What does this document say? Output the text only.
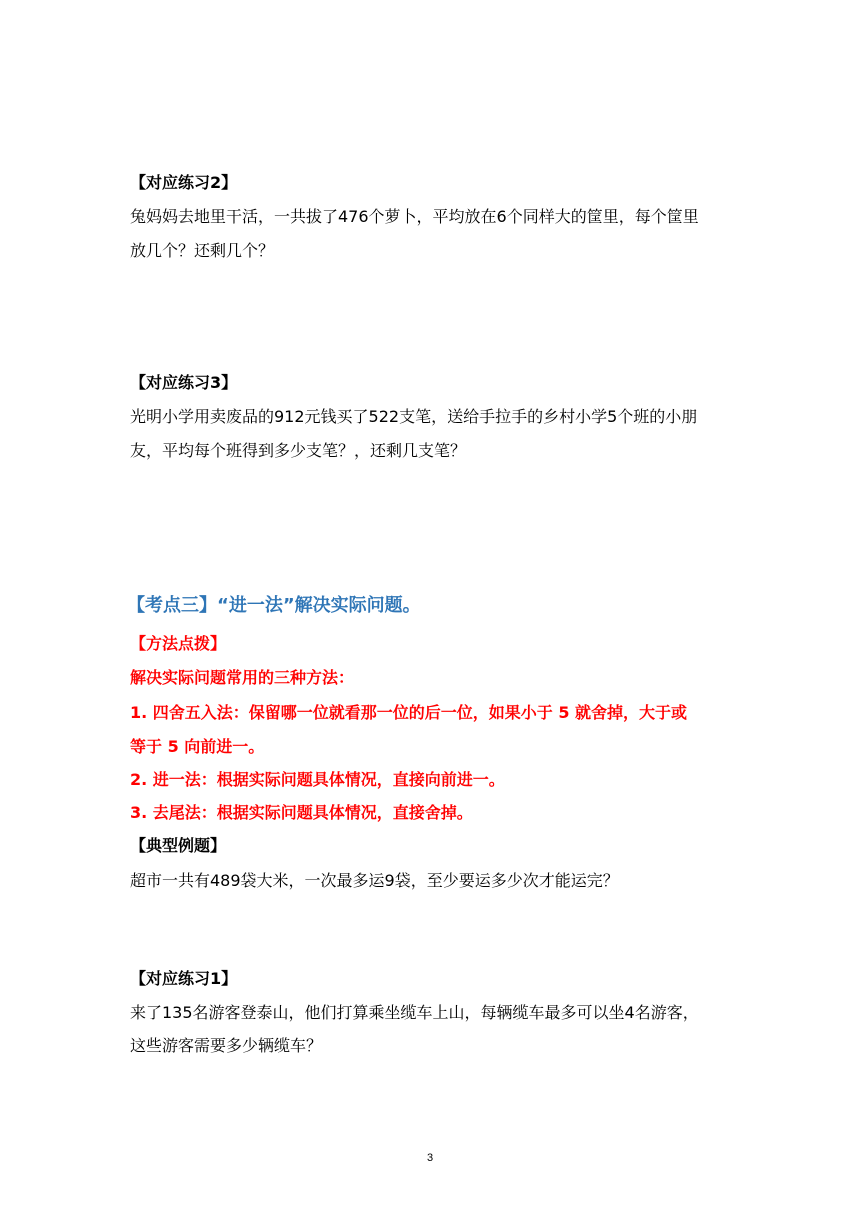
【对应练习2】
兔妈妈去地里干活，一共拔了476个萝卜，平均放在6个同样大的筐里，每个筐里
放几个？还剩几个？
【对应练习3】
光明小学用卖废品的912元钱买了522支笔，送给手拉手的乡村小学5个班的小朋
友，平均每个班得到多少支笔？，还剩几支笔？
【考点三】“进一法”解决实际问题。
【方法点拨】
解决实际问题常用的三种方法：
1. 四舍五入法：保留哪一位就看那一位的后一位，如果小于 5 就舍掉，大于或
等于 5 向前进一。
2. 进一法：根据实际问题具体情况，直接向前进一。
3. 去尾法：根据实际问题具体情况，直接舍掉。
【典型例题】
超市一共有489袋大米，一次最多运9袋，至少要运多少次才能运完？
【对应练习1】
来了135名游客登泰山，他们打算乘坐缆车上山，每辆缆车最多可以坐4名游客，
这些游客需要多少辆缆车？
3
